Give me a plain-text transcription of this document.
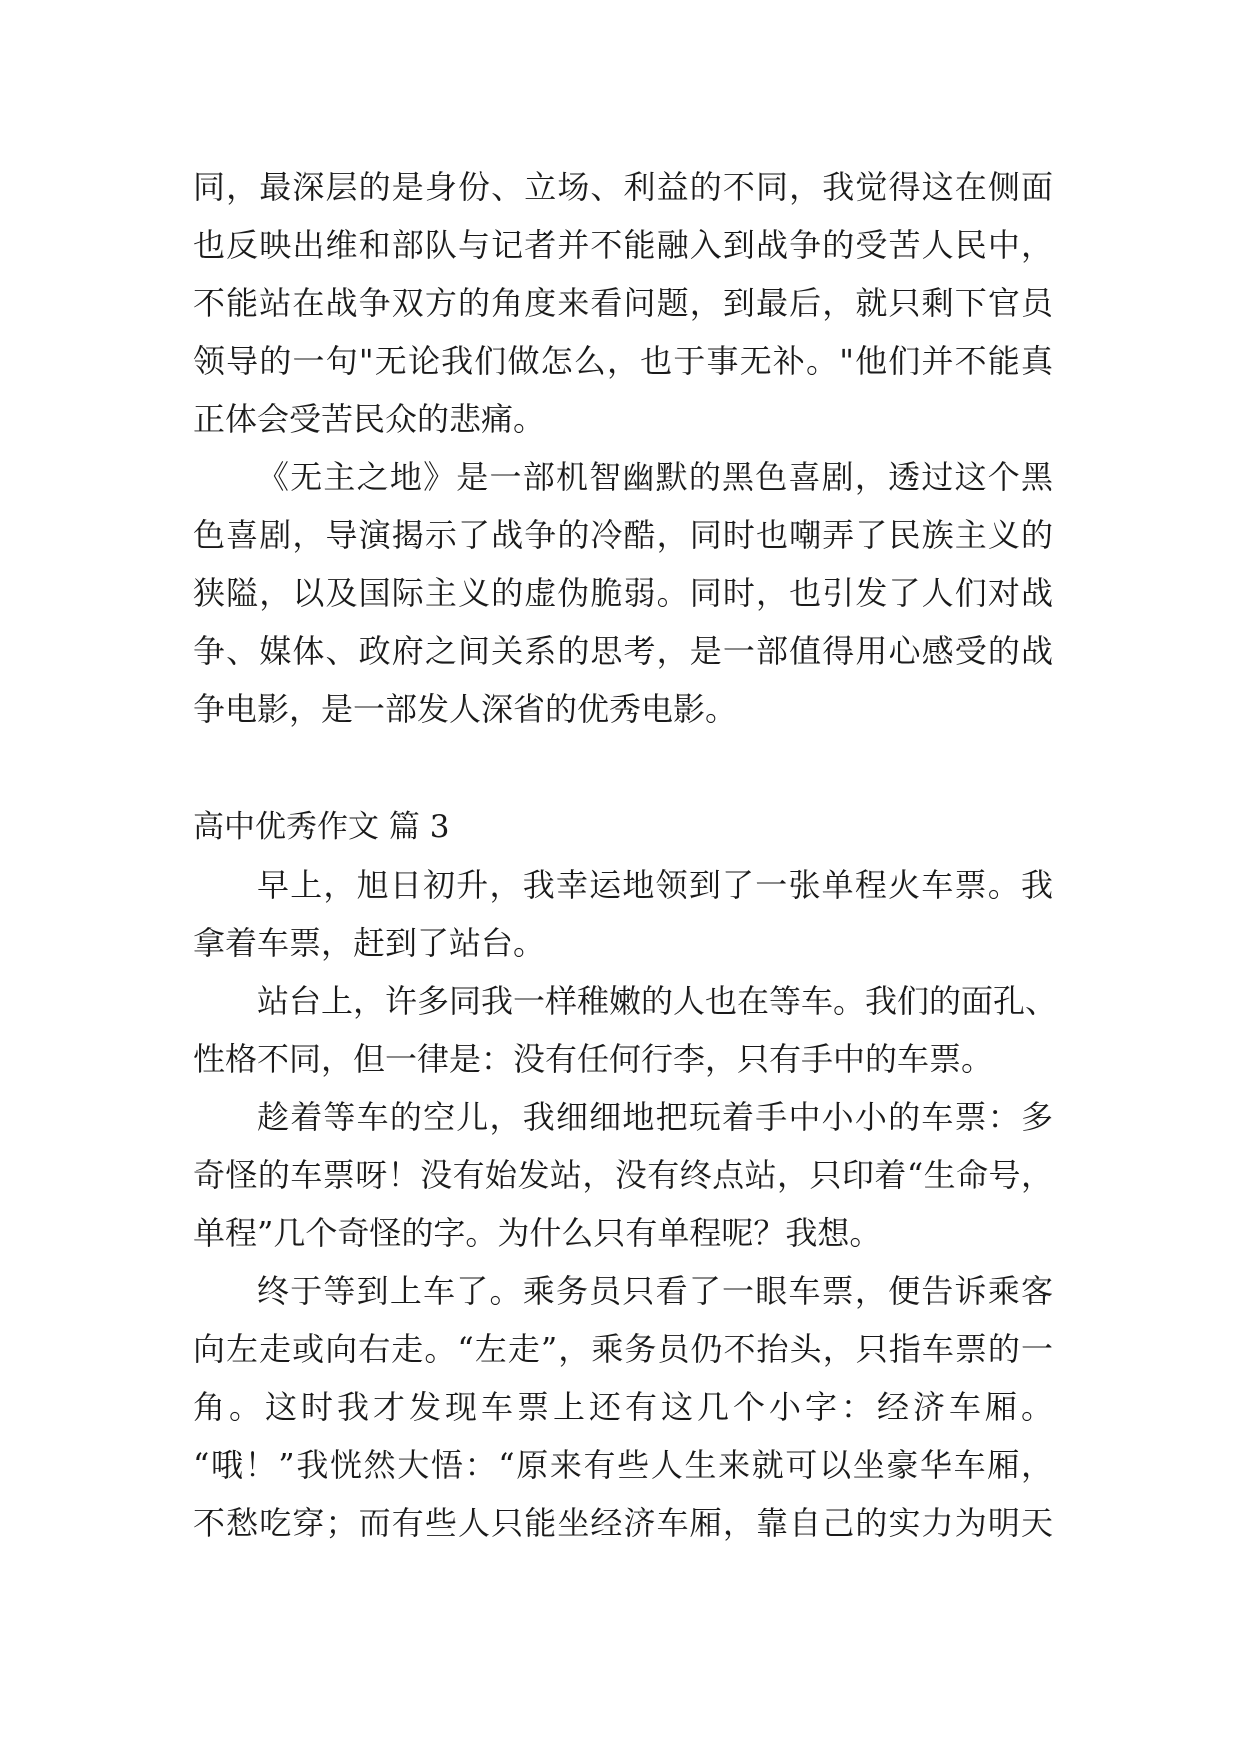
同，最深层的是身份、立场、利益的不同，我觉得这在侧面
也反映出维和部队与记者并不能融入到战争的受苦人民中，
不能站在战争双方的角度来看问题，到最后，就只剩下官员
领导的一句"无论我们做怎么，也于事无补。"他们并不能真
正体会受苦民众的悲痛。
《无主之地》是一部机智幽默的黑色喜剧，透过这个黑
色喜剧，导演揭示了战争的冷酷，同时也嘲弄了民族主义的
狭隘，以及国际主义的虚伪脆弱。同时，也引发了人们对战
争、媒体、政府之间关系的思考，是一部值得用心感受的战
争电影，是一部发人深省的优秀电影。
高中优秀作文 篇 3
早上，旭日初升，我幸运地领到了一张单程火车票。我
拿着车票，赶到了站台。
站台上，许多同我一样稚嫩的人也在等车。我们的面孔、
性格不同，但一律是：没有任何行李，只有手中的车票。
趁着等车的空儿，我细细地把玩着手中小小的车票：多
奇怪的车票呀！没有始发站，没有终点站，只印着“生命号，
单程”几个奇怪的字。为什么只有单程呢？我想。
终于等到上车了。乘务员只看了一眼车票，便告诉乘客
向左走或向右走。“左走”，乘务员仍不抬头，只指车票的一
角。这时我才发现车票上还有这几个小字：经济车厢。
“哦！”我恍然大悟：“原来有些人生来就可以坐豪华车厢，
不愁吃穿；而有些人只能坐经济车厢，靠自己的实力为明天
